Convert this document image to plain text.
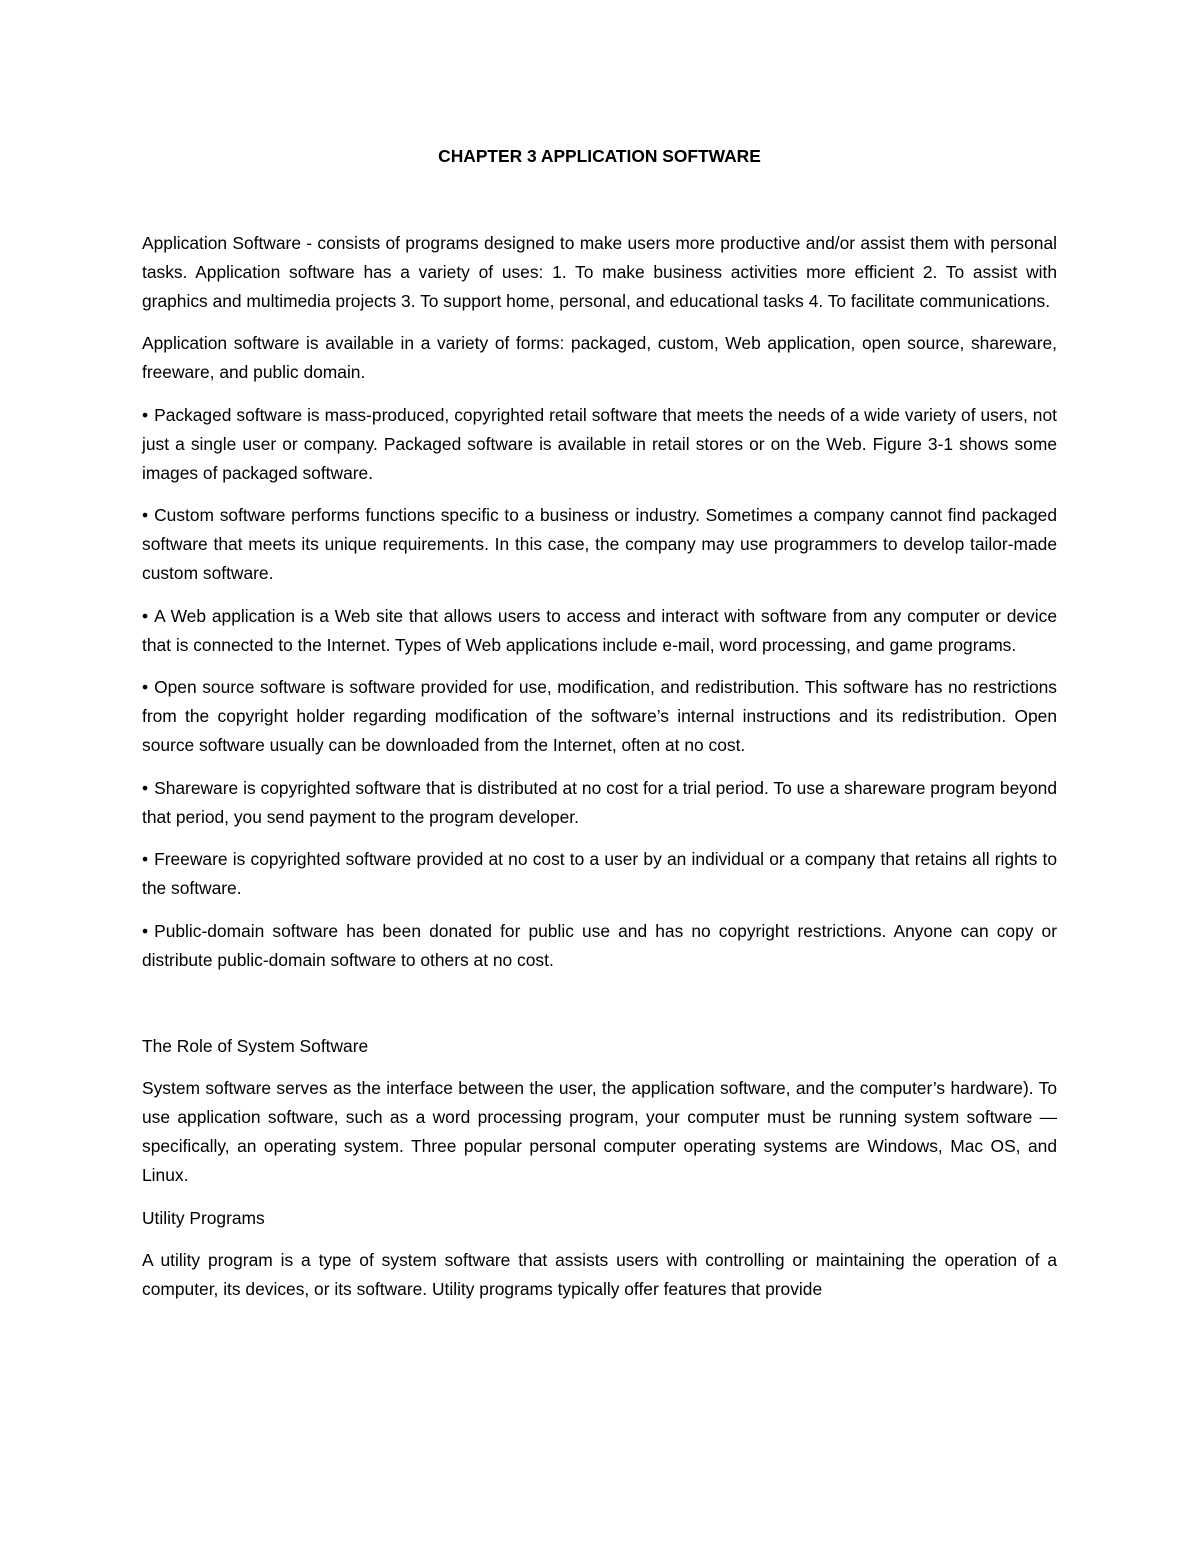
CHAPTER 3 APPLICATION SOFTWARE

Application Software - consists of programs designed to make users more productive and/or assist them with personal tasks. Application software has a variety of uses: 1. To make business activities more efficient 2. To assist with graphics and multimedia projects 3. To support home, personal, and educational tasks 4. To facilitate communications.

Application software is available in a variety of forms: packaged, custom, Web application, open source, shareware, freeware, and public domain.

• Packaged software is mass-produced, copyrighted retail software that meets the needs of a wide variety of users, not just a single user or company. Packaged software is available in retail stores or on the Web. Figure 3-1 shows some images of packaged software.

• Custom software performs functions specific to a business or industry. Sometimes a company cannot find packaged software that meets its unique requirements. In this case, the company may use programmers to develop tailor-made custom software.

• A Web application is a Web site that allows users to access and interact with software from any computer or device that is connected to the Internet. Types of Web applications include e-mail, word processing, and game programs.

• Open source software is software provided for use, modification, and redistribution. This software has no restrictions from the copyright holder regarding modification of the software’s internal instructions and its redistribution. Open source software usually can be downloaded from the Internet, often at no cost.

• Shareware is copyrighted software that is distributed at no cost for a trial period. To use a shareware program beyond that period, you send payment to the program developer.

• Freeware is copyrighted software provided at no cost to a user by an individual or a company that retains all rights to the software.

• Public-domain software has been donated for public use and has no copyright restrictions. Anyone can copy or distribute public-domain software to others at no cost.

The Role of System Software

System software serves as the interface between the user, the application software, and the computer’s hardware). To use application software, such as a word processing program, your computer must be running system software — specifically, an operating system. Three popular personal computer operating systems are Windows, Mac OS, and Linux.

Utility Programs

A utility program is a type of system software that assists users with controlling or maintaining the operation of a computer, its devices, or its software. Utility programs typically offer features that provide
